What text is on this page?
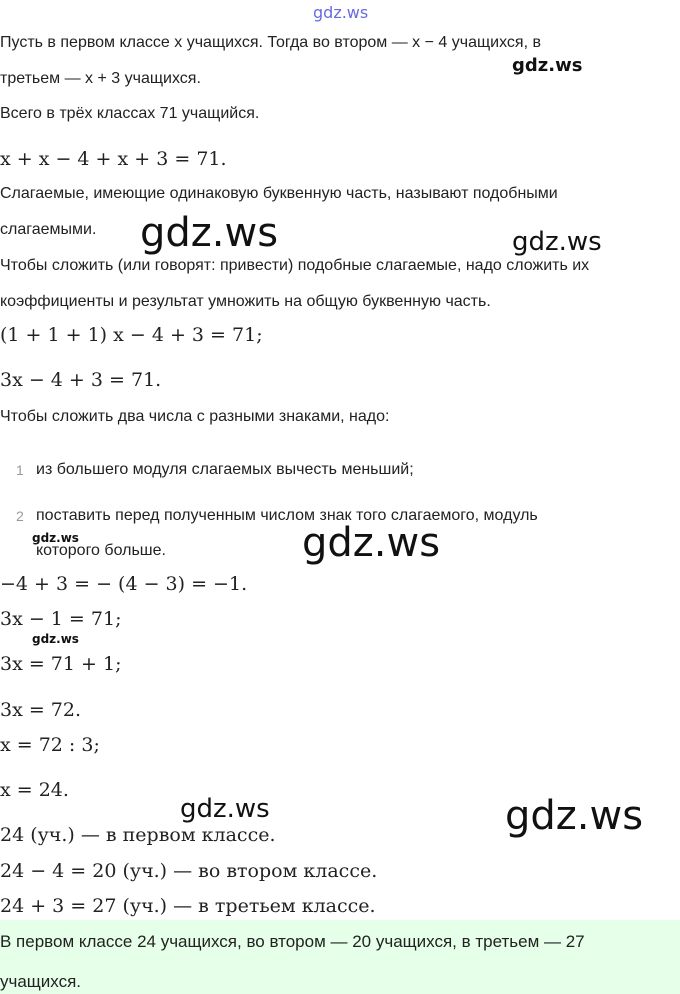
Пусть в первом классе x учащихся. Тогда во втором — x − 4 учащихся, в
третьем — x + 3 учащихся.
Всего в трёх классах 71 учащийся.
x + x − 4 + x + 3 = 71.
Слагаемые, имеющие одинаковую буквенную часть, называют подобными
слагаемыми.
Чтобы сложить (или говорят: привести) подобные слагаемые, надо сложить их
коэффициенты и результат умножить на общую буквенную часть.
(1 + 1 + 1) x − 4 + 3 = 71;
3x − 4 + 3 = 71.
Чтобы сложить два числа с разными знаками, надо:
1 из большего модуля слагаемых вычесть меньший;
2 поставить перед полученным числом знак того слагаемого, модуль
которого больше.
−4 + 3 = − (4 − 3) = −1.
3x − 1 = 71;
3x = 71 + 1;
3x = 72.
x = 72 : 3;
x = 24.
24 (уч.) — в первом классе.
24 − 4 = 20 (уч.) — во втором классе.
24 + 3 = 27 (уч.) — в третьем классе.
В первом классе 24 учащихся, во втором — 20 учащихся, в третьем — 27
учащихся.
gdz.ws
gdz.ws
gdz.ws	gdz.ws
gdz.ws
gdz.ws
gdz.ws
gdz.ws	gdz.ws
